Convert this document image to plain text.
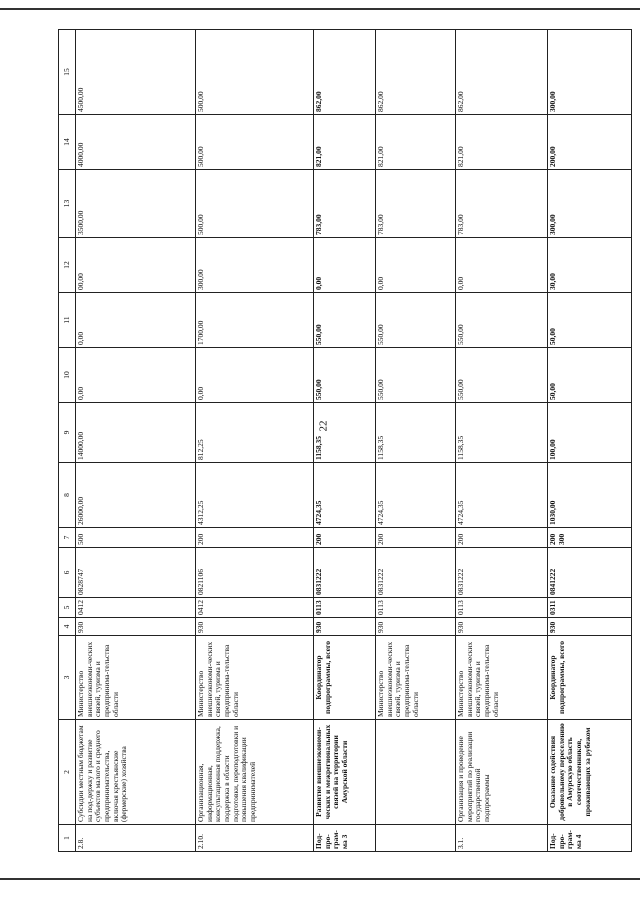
22
1	2	3	4	5	6	7	8	9	10	11	12	13	14	15
2.8.	Субсидии местным бюджетам на под-держку и развитие субъектов малого и среднего предпринимательства, включая крестьянские (фермерские) хозяйства	Министерство внешнеэкономи-ческих связей, туризма и предпринима-тельства области	930	0412	0828747	500	26000,00	14000,00	0,00	0,00	00,00	3500,00	4000,00	4500,00
2.10.	Организационная, информационная, консультационная поддержка, поддержка в области подготовки, переподготовки и повышения квалификации предпринимателей	Министерство внешнеэкономи-ческих связей, туризма и предпринима-тельства области	930	0412	0821106	200	4312,25	812,25	0,00	1700,00	300,00	500,00	500,00	500,00
Под-про-грам-ма 3	Развитие внешнеэкономи-ческих и межрегиональных связей на территории Амурской области	Координатор подпрограммы, всего	930	0113	0831222	200	4724,35	1158,35	550,00	550,00	0,00	783,00	821,00	862,00
		Министерство внешнеэкономи-ческих связей, туризма и предпринима-тельства области	930	0113	0831222	200	4724,35	1158,35	550,00	550,00	0,00	783,00	821,00	862,00
3.1.	Организация и проведение мероприятий по реализации государственной подпрограммы	Министерство внешнеэкономи-ческих связей, туризма и предпринима-тельства области	930	0113	0831222	200	4724,35	1158,35	550,00	550,00	0,00	783,00	821,00	862,00
Под-про-грам-ма 4	Оказание содействия добровольному переселению в Амурскую область соотечественников, проживающих за рубежом	Координатор подпрограммы, всего	930	0311	0841222	200 300	1030,00	100,00	50,00	50,00	30,00	300,00	200,00	300,00
